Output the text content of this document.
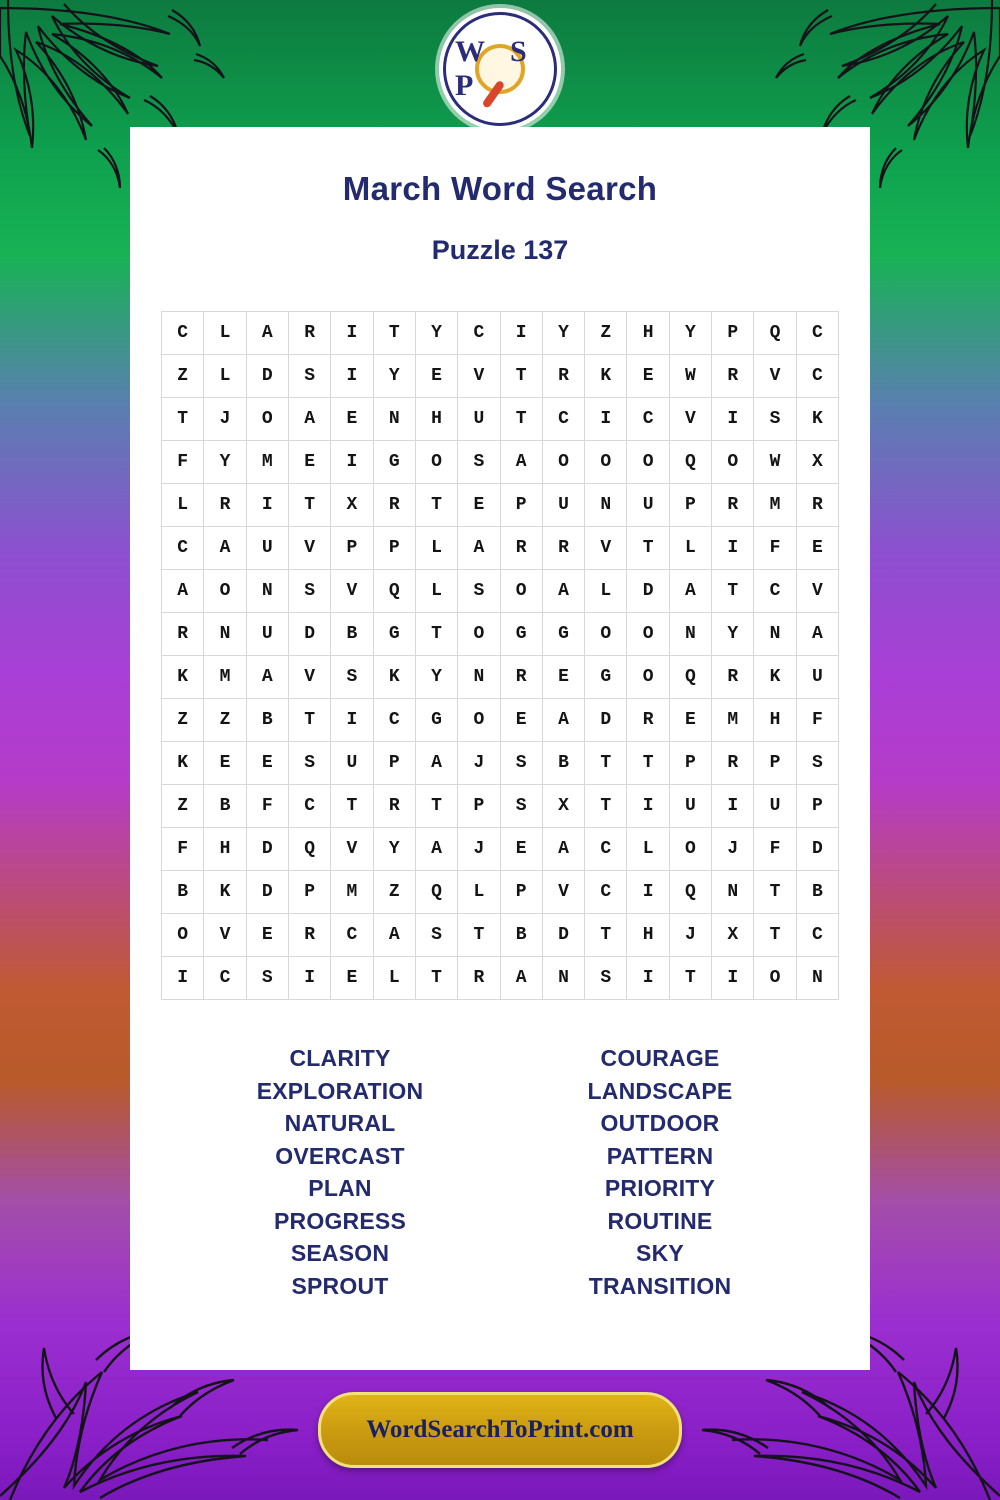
W S P
March Word Search
Puzzle 137
C	L	A	R	I	T	Y	C	I	Y	Z	H	Y	P	Q	C
Z	L	D	S	I	Y	E	V	T	R	K	E	W	R	V	C
T	J	O	A	E	N	H	U	T	C	I	C	V	I	S	K
F	Y	M	E	I	G	O	S	A	O	O	O	Q	O	W	X
L	R	I	T	X	R	T	E	P	U	N	U	P	R	M	R
C	A	U	V	P	P	L	A	R	R	V	T	L	I	F	E
A	O	N	S	V	Q	L	S	O	A	L	D	A	T	C	V
R	N	U	D	B	G	T	O	G	G	O	O	N	Y	N	A
K	M	A	V	S	K	Y	N	R	E	G	O	Q	R	K	U
Z	Z	B	T	I	C	G	O	E	A	D	R	E	M	H	F
K	E	E	S	U	P	A	J	S	B	T	T	P	R	P	S
Z	B	F	C	T	R	T	P	S	X	T	I	U	I	U	P
F	H	D	Q	V	Y	A	J	E	A	C	L	O	J	F	D
B	K	D	P	M	Z	Q	L	P	V	C	I	Q	N	T	B
O	V	E	R	C	A	S	T	B	D	T	H	J	X	T	C
I	C	S	I	E	L	T	R	A	N	S	I	T	I	O	N
CLARITY
EXPLORATION
NATURAL
OVERCAST
PLAN
PROGRESS
SEASON
SPROUT
COURAGE
LANDSCAPE
OUTDOOR
PATTERN
PRIORITY
ROUTINE
SKY
TRANSITION
WordSearchToPrint.com
